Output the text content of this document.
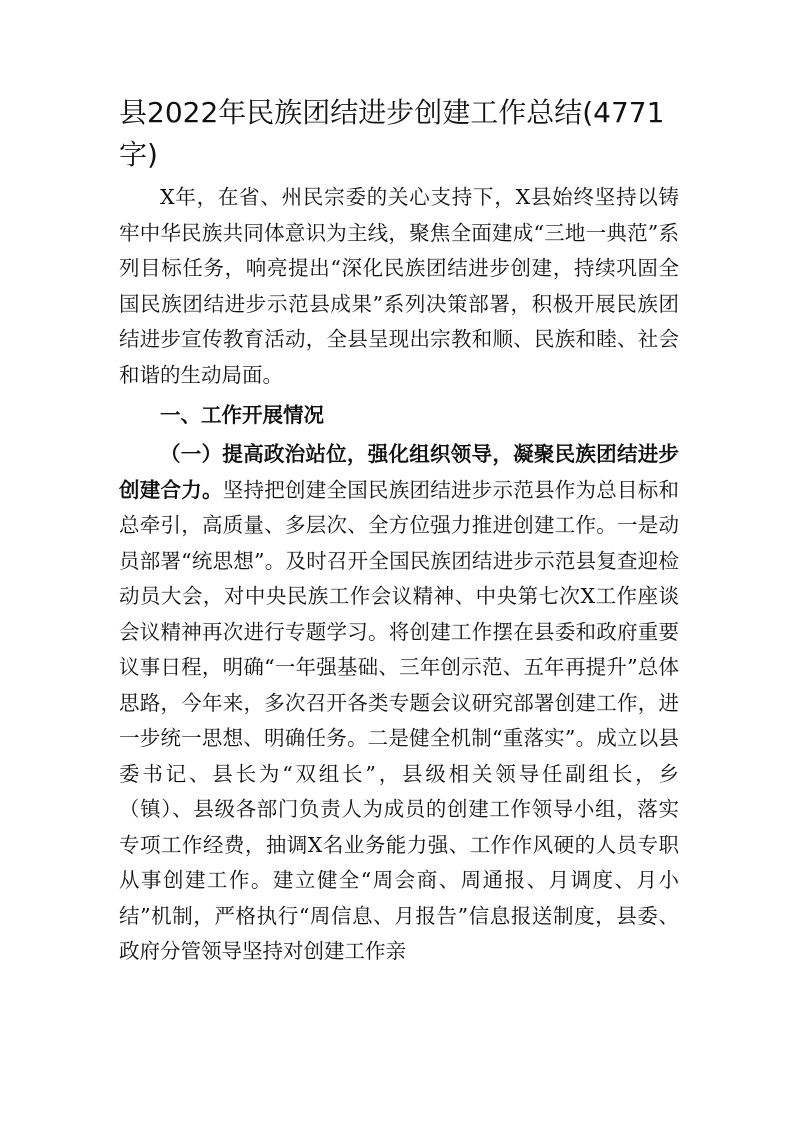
县2022年民族团结进步创建工作总结(4771字)

X年，在省、州民宗委的关心支持下，X县始终坚持以铸牢中华民族共同体意识为主线，聚焦全面建成“三地一典范”系列目标任务，响亮提出“深化民族团结进步创建，持续巩固全国民族团结进步示范县成果”系列决策部署，积极开展民族团结进步宣传教育活动，全县呈现出宗教和顺、民族和睦、社会和谐的生动局面。

一、工作开展情况

（一）提高政治站位，强化组织领导，凝聚民族团结进步创建合力。坚持把创建全国民族团结进步示范县作为总目标和总牵引，高质量、多层次、全方位强力推进创建工作。一是动员部署“统思想”。及时召开全国民族团结进步示范县复查迎检动员大会，对中央民族工作会议精神、中央第七次X工作座谈会议精神再次进行专题学习。将创建工作摆在县委和政府重要议事日程，明确“一年强基础、三年创示范、五年再提升”总体思路，今年来，多次召开各类专题会议研究部署创建工作，进一步统一思想、明确任务。二是健全机制“重落实”。成立以县委书记、县长为“双组长”，县级相关领导任副组长，乡（镇）、县级各部门负责人为成员的创建工作领导小组，落实专项工作经费，抽调X名业务能力强、工作作风硬的人员专职从事创建工作。建立健全“周会商、周通报、月调度、月小结”机制，严格执行“周信息、月报告”信息报送制度，县委、政府分管领导坚持对创建工作亲
